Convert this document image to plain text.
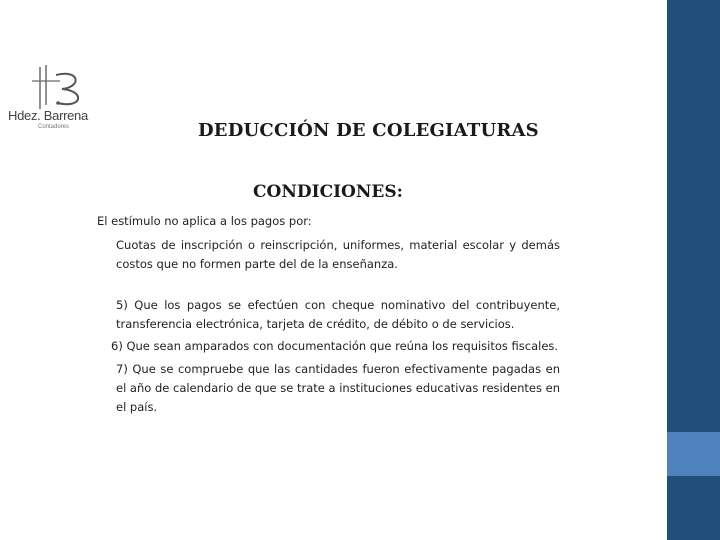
Hdez. Barrena
Contadores	DEDUCCIÓN DE COLEGIATURAS
CONDICIONES:
El estímulo no aplica a los pagos por:
Cuotas de inscripción o reinscripción, uniformes, material escolar y demás costos que no formen parte del de la enseñanza.
5) Que los pagos se efectúen con cheque nominativo del contribuyente, transferencia electrónica, tarjeta de crédito, de débito o de servicios.
6) Que sean amparados con documentación que reúna los requisitos fiscales.
7) Que se compruebe que las cantidades fueron efectivamente pagadas en el año de calendario de que se trate a instituciones educativas residentes en el país.
